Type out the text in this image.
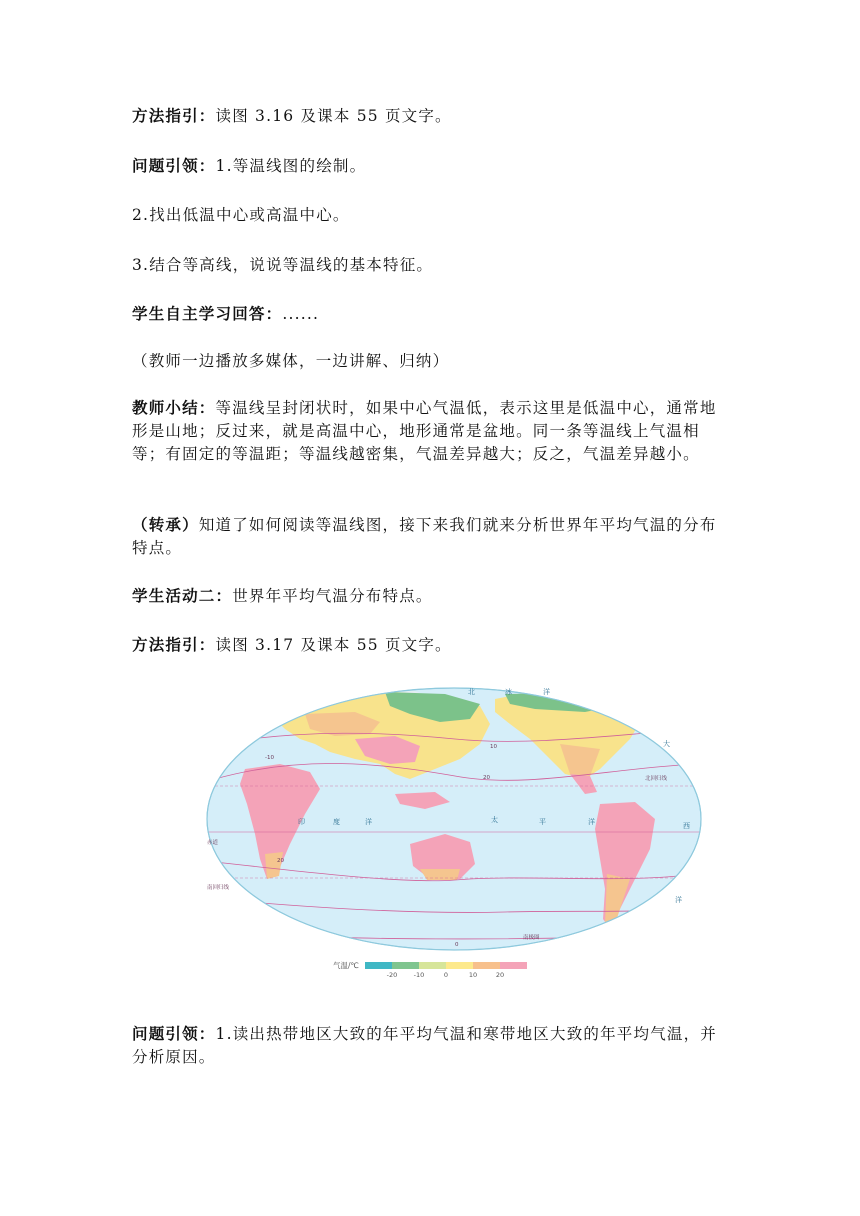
方法指引：读图 3.16 及课本 55 页文字。

问题引领：1.等温线图的绘制。

2.找出低温中心或高温中心。

3.结合等高线，说说等温线的基本特征。

学生自主学习回答：......

（教师一边播放多媒体，一边讲解、归纳）

教师小结：等温线呈封闭状时，如果中心气温低，表示这里是低温中心，通常地形是山地；反过来，就是高温中心，地形通常是盆地。同一条等温线上气温相等；有固定的等温距；等温线越密集，气温差异越大；反之，气温差异越小。

（转承）知道了如何阅读等温线图，接下来我们就来分析世界年平均气温的分布特点。

学生活动二：世界年平均气温分布特点。

方法指引：读图 3.17 及课本 55 页文字。

北	冰	洋
太	平	洋
印	度	洋
大
西
洋
赤道
北回归线
南回归线
南极圈
10
20
20
0
-10
气温/℃
-20	-10	0	10	20

问题引领：1.读出热带地区大致的年平均气温和寒带地区大致的年平均气温，并分析原因。
